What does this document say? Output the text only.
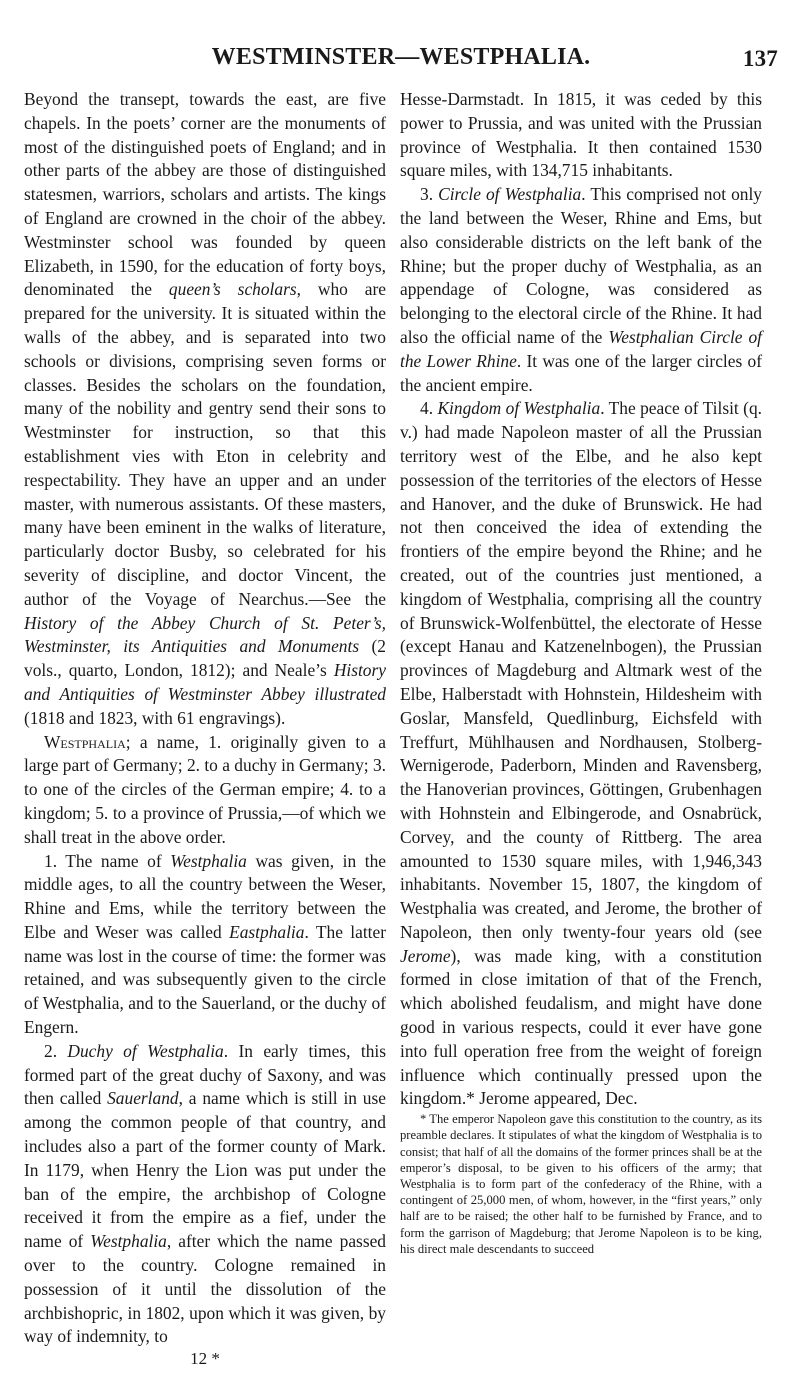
WESTMINSTER—WESTPHALIA.	137

Beyond the transept, towards the east, are five chapels. In the poets’ corner are the monuments of most of the distinguished poets of England; and in other parts of the abbey are those of distinguished statesmen, warriors, scholars and artists. The kings of England are crowned in the choir of the abbey. Westminster school was founded by queen Elizabeth, in 1590, for the education of forty boys, denominated the queen’s scholars, who are prepared for the university. It is situated within the walls of the abbey, and is separated into two schools or divisions, comprising seven forms or classes. Besides the scholars on the foundation, many of the nobility and gentry send their sons to Westminster for instruction, so that this establishment vies with Eton in celebrity and respectability. They have an upper and an under master, with numerous assistants. Of these masters, many have been eminent in the walks of literature, particularly doctor Busby, so celebrated for his severity of discipline, and doctor Vincent, the author of the Voyage of Nearchus.—See the History of the Abbey Church of St. Peter’s, Westminster, its Antiquities and Monuments (2 vols., quarto, London, 1812); and Neale’s History and Antiquities of Westminster Abbey illustrated (1818 and 1823, with 61 engravings).

Westphalia; a name, 1. originally given to a large part of Germany; 2. to a duchy in Germany; 3. to one of the circles of the German empire; 4. to a kingdom; 5. to a province of Prussia,—of which we shall treat in the above order.

1. The name of Westphalia was given, in the middle ages, to all the country between the Weser, Rhine and Ems, while the territory between the Elbe and Weser was called Eastphalia. The latter name was lost in the course of time: the former was retained, and was subsequently given to the circle of Westphalia, and to the Sauerland, or the duchy of Engern.

2. Duchy of Westphalia. In early times, this formed part of the great duchy of Saxony, and was then called Sauerland, a name which is still in use among the common people of that country, and includes also a part of the former county of Mark. In 1179, when Henry the Lion was put under the ban of the empire, the archbishop of Cologne received it from the empire as a fief, under the name of Westphalia, after which the name passed over to the country. Cologne remained in possession of it until the dissolution of the archbishopric, in 1802, upon which it was given, by way of indemnity, to

12 *

Hesse-Darmstadt. In 1815, it was ceded by this power to Prussia, and was united with the Prussian province of Westphalia. It then contained 1530 square miles, with 134,715 inhabitants.

3. Circle of Westphalia. This comprised not only the land between the Weser, Rhine and Ems, but also considerable districts on the left bank of the Rhine; but the proper duchy of Westphalia, as an appendage of Cologne, was considered as belonging to the electoral circle of the Rhine. It had also the official name of the Westphalian Circle of the Lower Rhine. It was one of the larger circles of the ancient empire.

4. Kingdom of Westphalia. The peace of Tilsit (q. v.) had made Napoleon master of all the Prussian territory west of the Elbe, and he also kept possession of the territories of the electors of Hesse and Hanover, and the duke of Brunswick. He had not then conceived the idea of extending the frontiers of the empire beyond the Rhine; and he created, out of the countries just mentioned, a kingdom of Westphalia, comprising all the country of Brunswick-Wolfenbüttel, the electorate of Hesse (except Hanau and Katzenelnbogen), the Prussian provinces of Magdeburg and Altmark west of the Elbe, Halberstadt with Hohnstein, Hildesheim with Goslar, Mansfeld, Quedlinburg, Eichsfeld with Treffurt, Mühlhausen and Nordhausen, Stolberg-Wernigerode, Paderborn, Minden and Ravensberg, the Hanoverian provinces, Göttingen, Grubenhagen with Hohnstein and Elbingerode, and Osnabrück, Corvey, and the county of Rittberg. The area amounted to 1530 square miles, with 1,946,343 inhabitants. November 15, 1807, the kingdom of Westphalia was created, and Jerome, the brother of Napoleon, then only twenty-four years old (see Jerome), was made king, with a constitution formed in close imitation of that of the French, which abolished feudalism, and might have done good in various respects, could it ever have gone into full operation free from the weight of foreign influence which continually pressed upon the kingdom.* Jerome appeared, Dec.

* The emperor Napoleon gave this constitution to the country, as its preamble declares. It stipulates of what the kingdom of Westphalia is to consist; that half of all the domains of the former princes shall be at the emperor’s disposal, to be given to his officers of the army; that Westphalia is to form part of the confederacy of the Rhine, with a contingent of 25,000 men, of whom, however, in the “first years,” only half are to be raised; the other half to be furnished by France, and to form the garrison of Magdeburg; that Jerome Napoleon is to be king, his direct male descendants to succeed
